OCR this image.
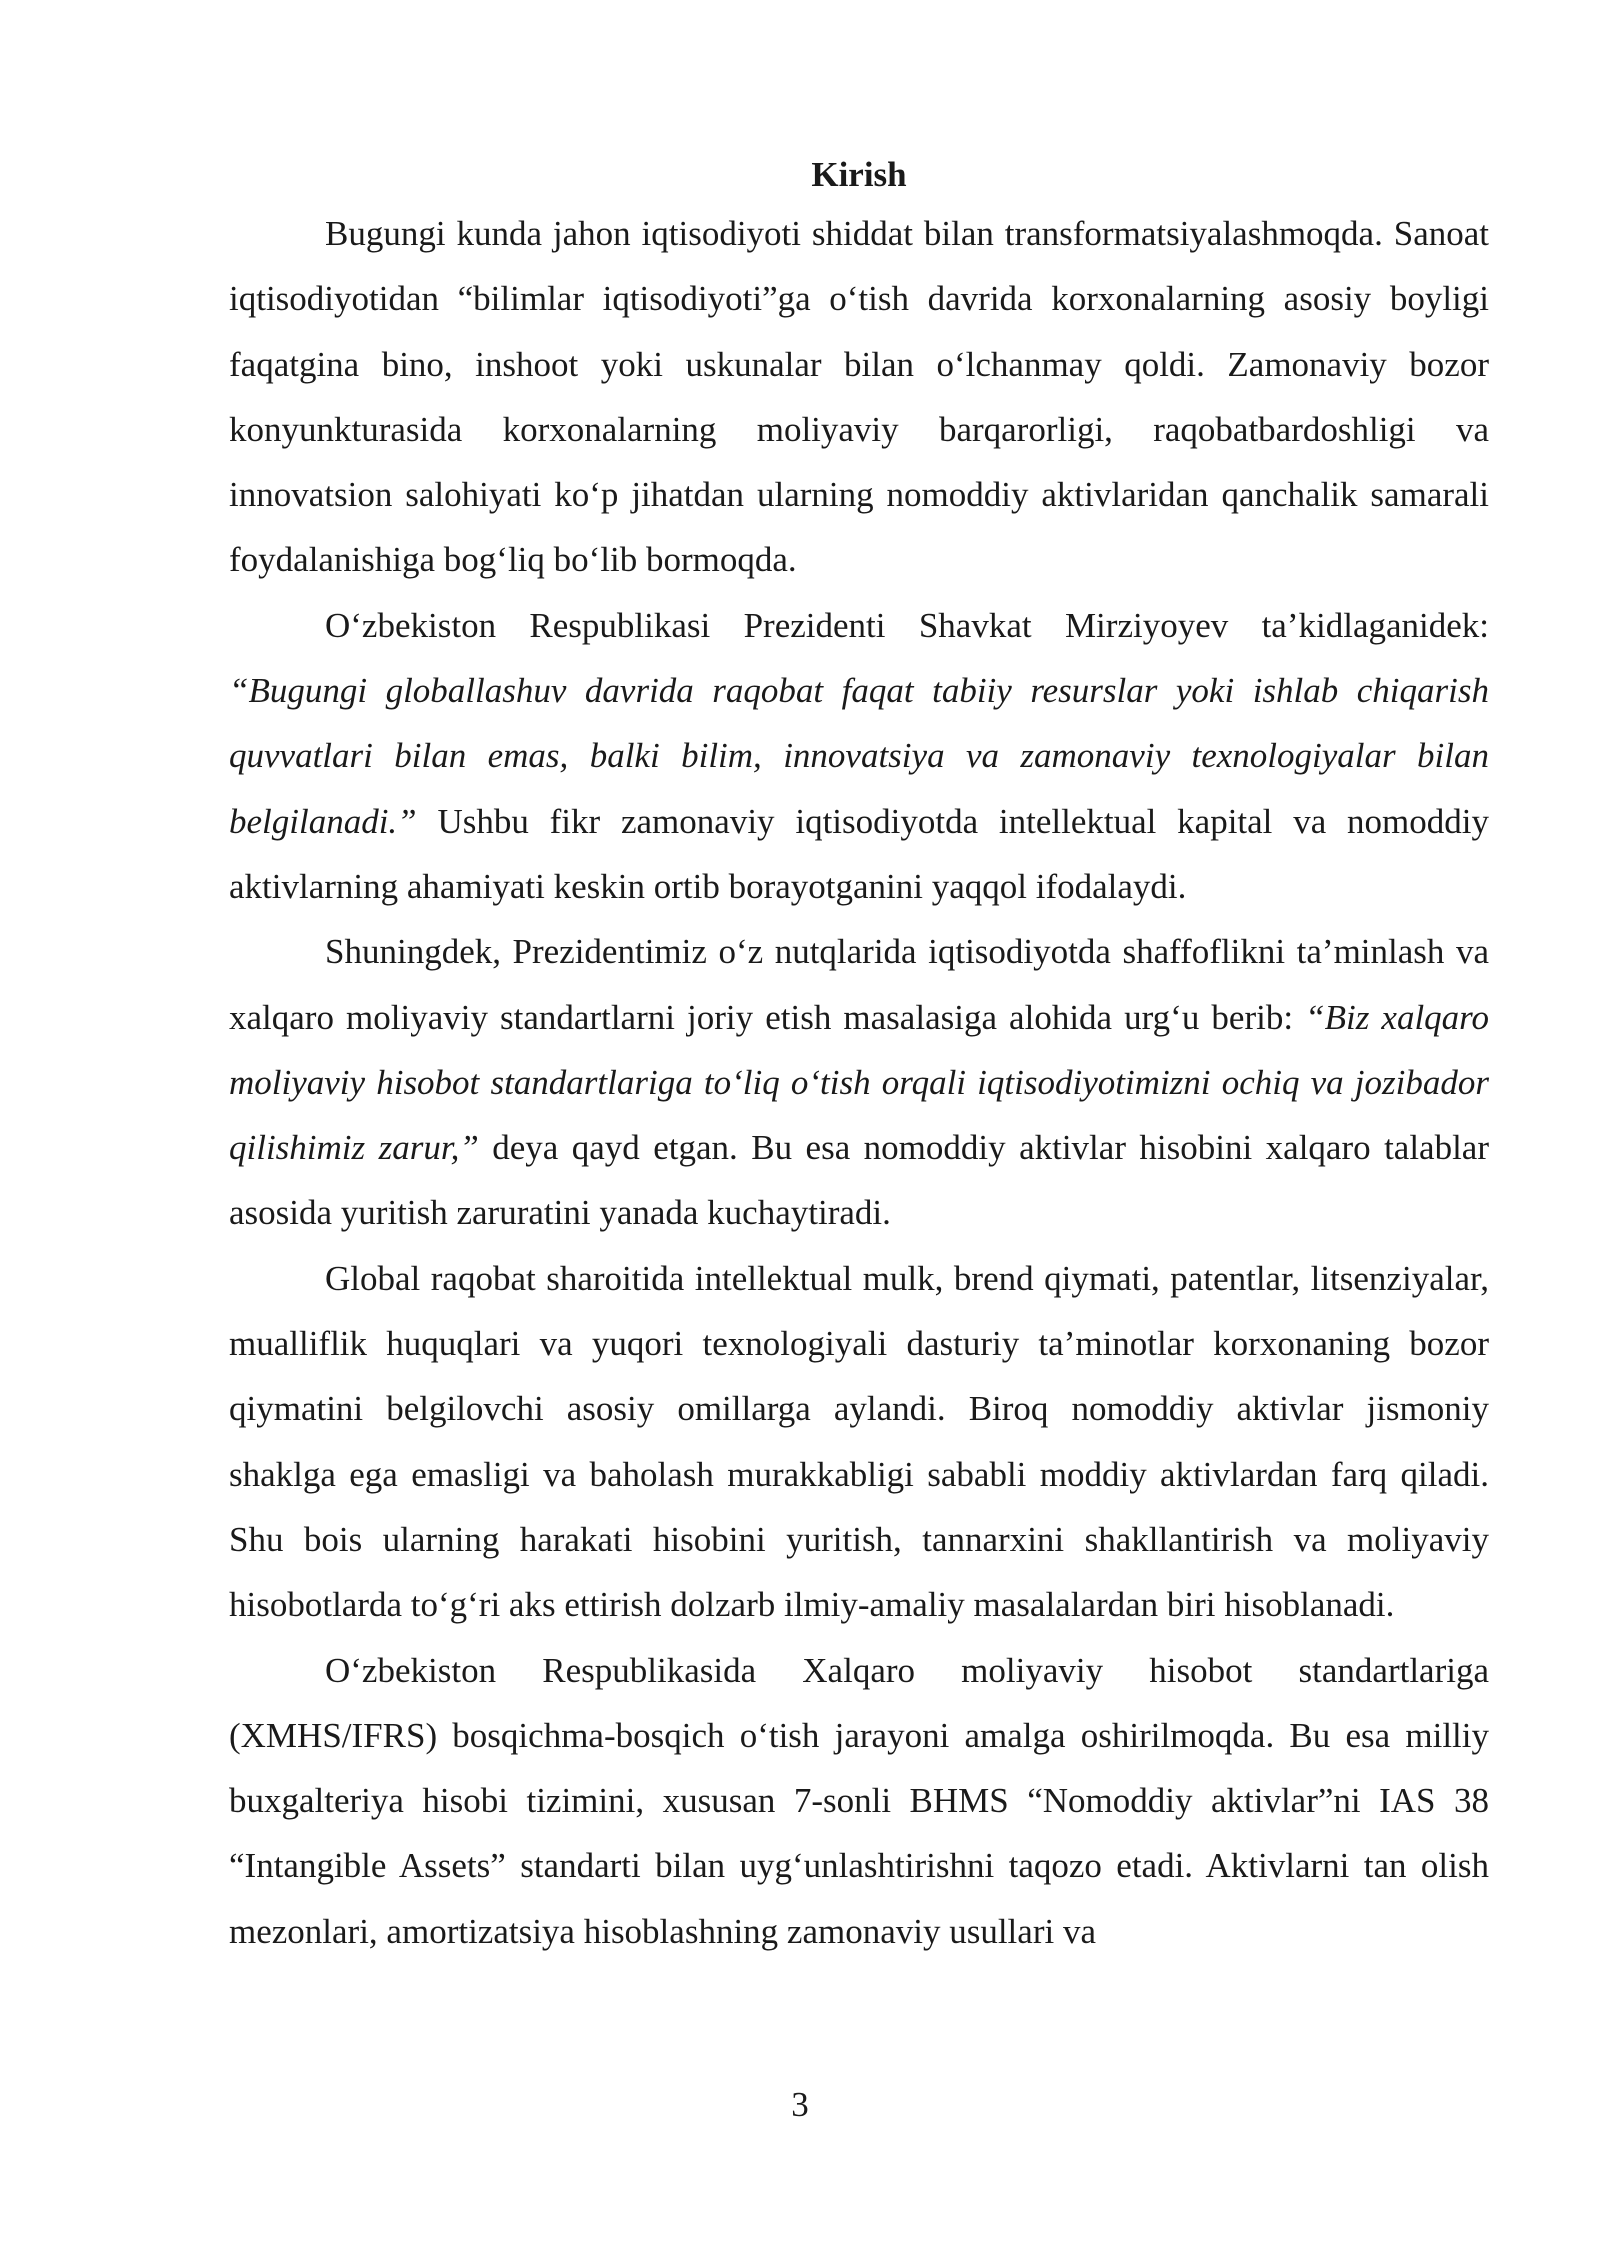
Kirish

Bugungi kunda jahon iqtisodiyoti shiddat bilan transformatsiyalashmoqda. Sanoat iqtisodiyotidan “bilimlar iqtisodiyoti”ga o‘tish davrida korxonalarning asosiy boyligi faqatgina bino, inshoot yoki uskunalar bilan o‘lchanmay qoldi. Zamonaviy bozor konyunkturasida korxonalarning moliyaviy barqarorligi, raqobatbardoshligi va innovatsion salohiyati ko‘p jihatdan ularning nomoddiy aktivlaridan qanchalik samarali foydalanishiga bog‘liq bo‘lib bormoqda.

O‘zbekiston Respublikasi Prezidenti Shavkat Mirziyoyev ta’kidlaganidek: “Bugungi globallashuv davrida raqobat faqat tabiiy resurslar yoki ishlab chiqarish quvvatlari bilan emas, balki bilim, innovatsiya va zamonaviy texnologiyalar bilan belgilanadi.” Ushbu fikr zamonaviy iqtisodiyotda intellektual kapital va nomoddiy aktivlarning ahamiyati keskin ortib borayotganini yaqqol ifodalaydi.

Shuningdek, Prezidentimiz o‘z nutqlarida iqtisodiyotda shaffoflikni ta’minlash va xalqaro moliyaviy standartlarni joriy etish masalasiga alohida urg‘u berib: “Biz xalqaro moliyaviy hisobot standartlariga to‘liq o‘tish orqali iqtisodiyotimizni ochiq va jozibador qilishimiz zarur,” deya qayd etgan. Bu esa nomoddiy aktivlar hisobini xalqaro talablar asosida yuritish zaruratini yanada kuchaytiradi.

Global raqobat sharoitida intellektual mulk, brend qiymati, patentlar, litsenziyalar, mualliflik huquqlari va yuqori texnologiyali dasturiy ta’minotlar korxonaning bozor qiymatini belgilovchi asosiy omillarga aylandi. Biroq nomoddiy aktivlar jismoniy shaklga ega emasligi va baholash murakkabligi sababli moddiy aktivlardan farq qiladi. Shu bois ularning harakati hisobini yuritish, tannarxini shakllantirish va moliyaviy hisobotlarda to‘g‘ri aks ettirish dolzarb ilmiy-amaliy masalalardan biri hisoblanadi.

O‘zbekiston Respublikasida Xalqaro moliyaviy hisobot standartlariga (XMHS/IFRS) bosqichma-bosqich o‘tish jarayoni amalga oshirilmoqda. Bu esa milliy buxgalteriya hisobi tizimini, xususan 7-sonli BHMS “Nomoddiy aktivlar”ni IAS 38 “Intangible Assets” standarti bilan uyg‘unlashtirishni taqozo etadi. Aktivlarni tan olish mezonlari, amortizatsiya hisoblashning zamonaviy usullari va

3
